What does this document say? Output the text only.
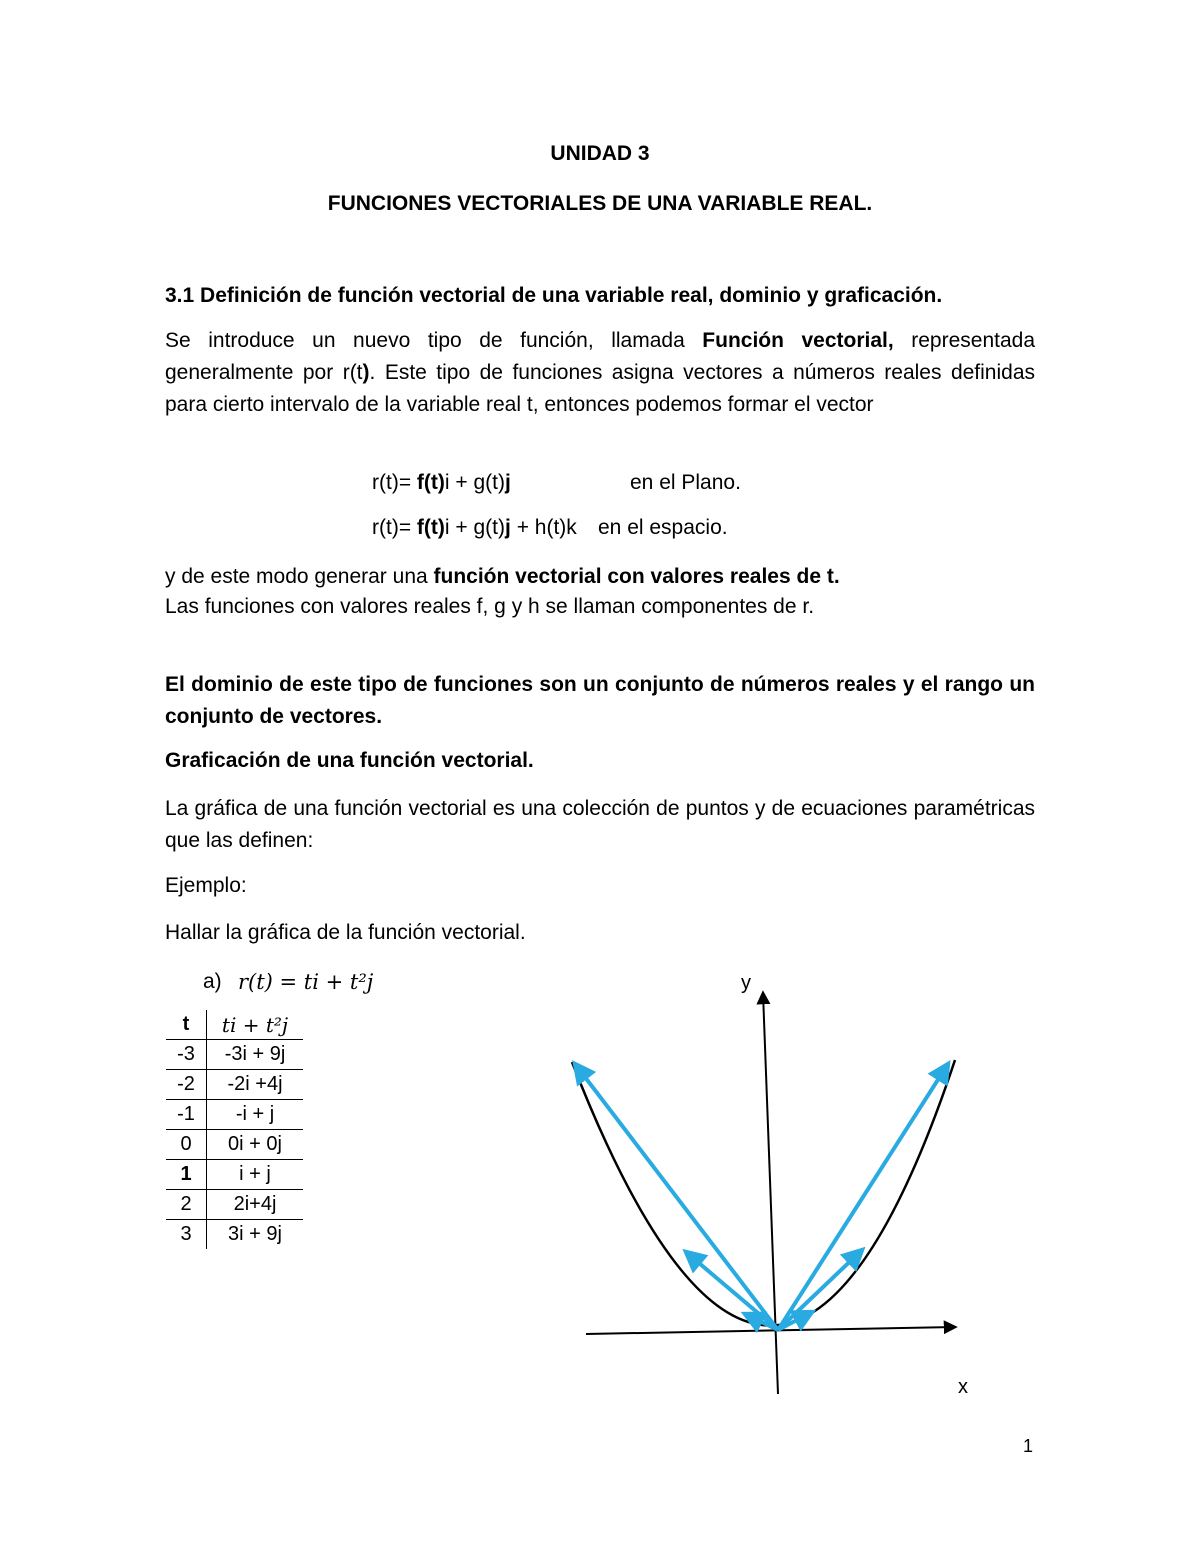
UNIDAD 3
FUNCIONES VECTORIALES DE UNA VARIABLE REAL.
3.1 Definición de función vectorial de una variable real, dominio y graficación.
Se introduce un nuevo tipo de función, llamada Función vectorial, representada generalmente por r(t). Este tipo de funciones asigna vectores a números reales definidas para cierto intervalo de la variable real t, entonces podemos formar el vector
r(t)= f(t)i + g(t)j	en el Plano.
r(t)= f(t)i + g(t)j + h(t)k en el espacio.
y de este modo generar una función vectorial con valores reales de t.
Las funciones con valores reales f, g y h se llaman componentes de r.
El dominio de este tipo de funciones son un conjunto de números reales y el rango un conjunto de vectores.
Graficación de una función vectorial.
La gráfica de una función vectorial es una colección de puntos y de ecuaciones paramétricas que las definen:
Ejemplo:
Hallar la gráfica de la función vectorial.
a) r(t) = ti + t²j
t	ti + t²j
-3	-3i + 9j
-2	-2i +4j
-1	-i + j
0	0i + 0j
1	i + j
2	2i+4j
3	3i + 9j
x
y
1
